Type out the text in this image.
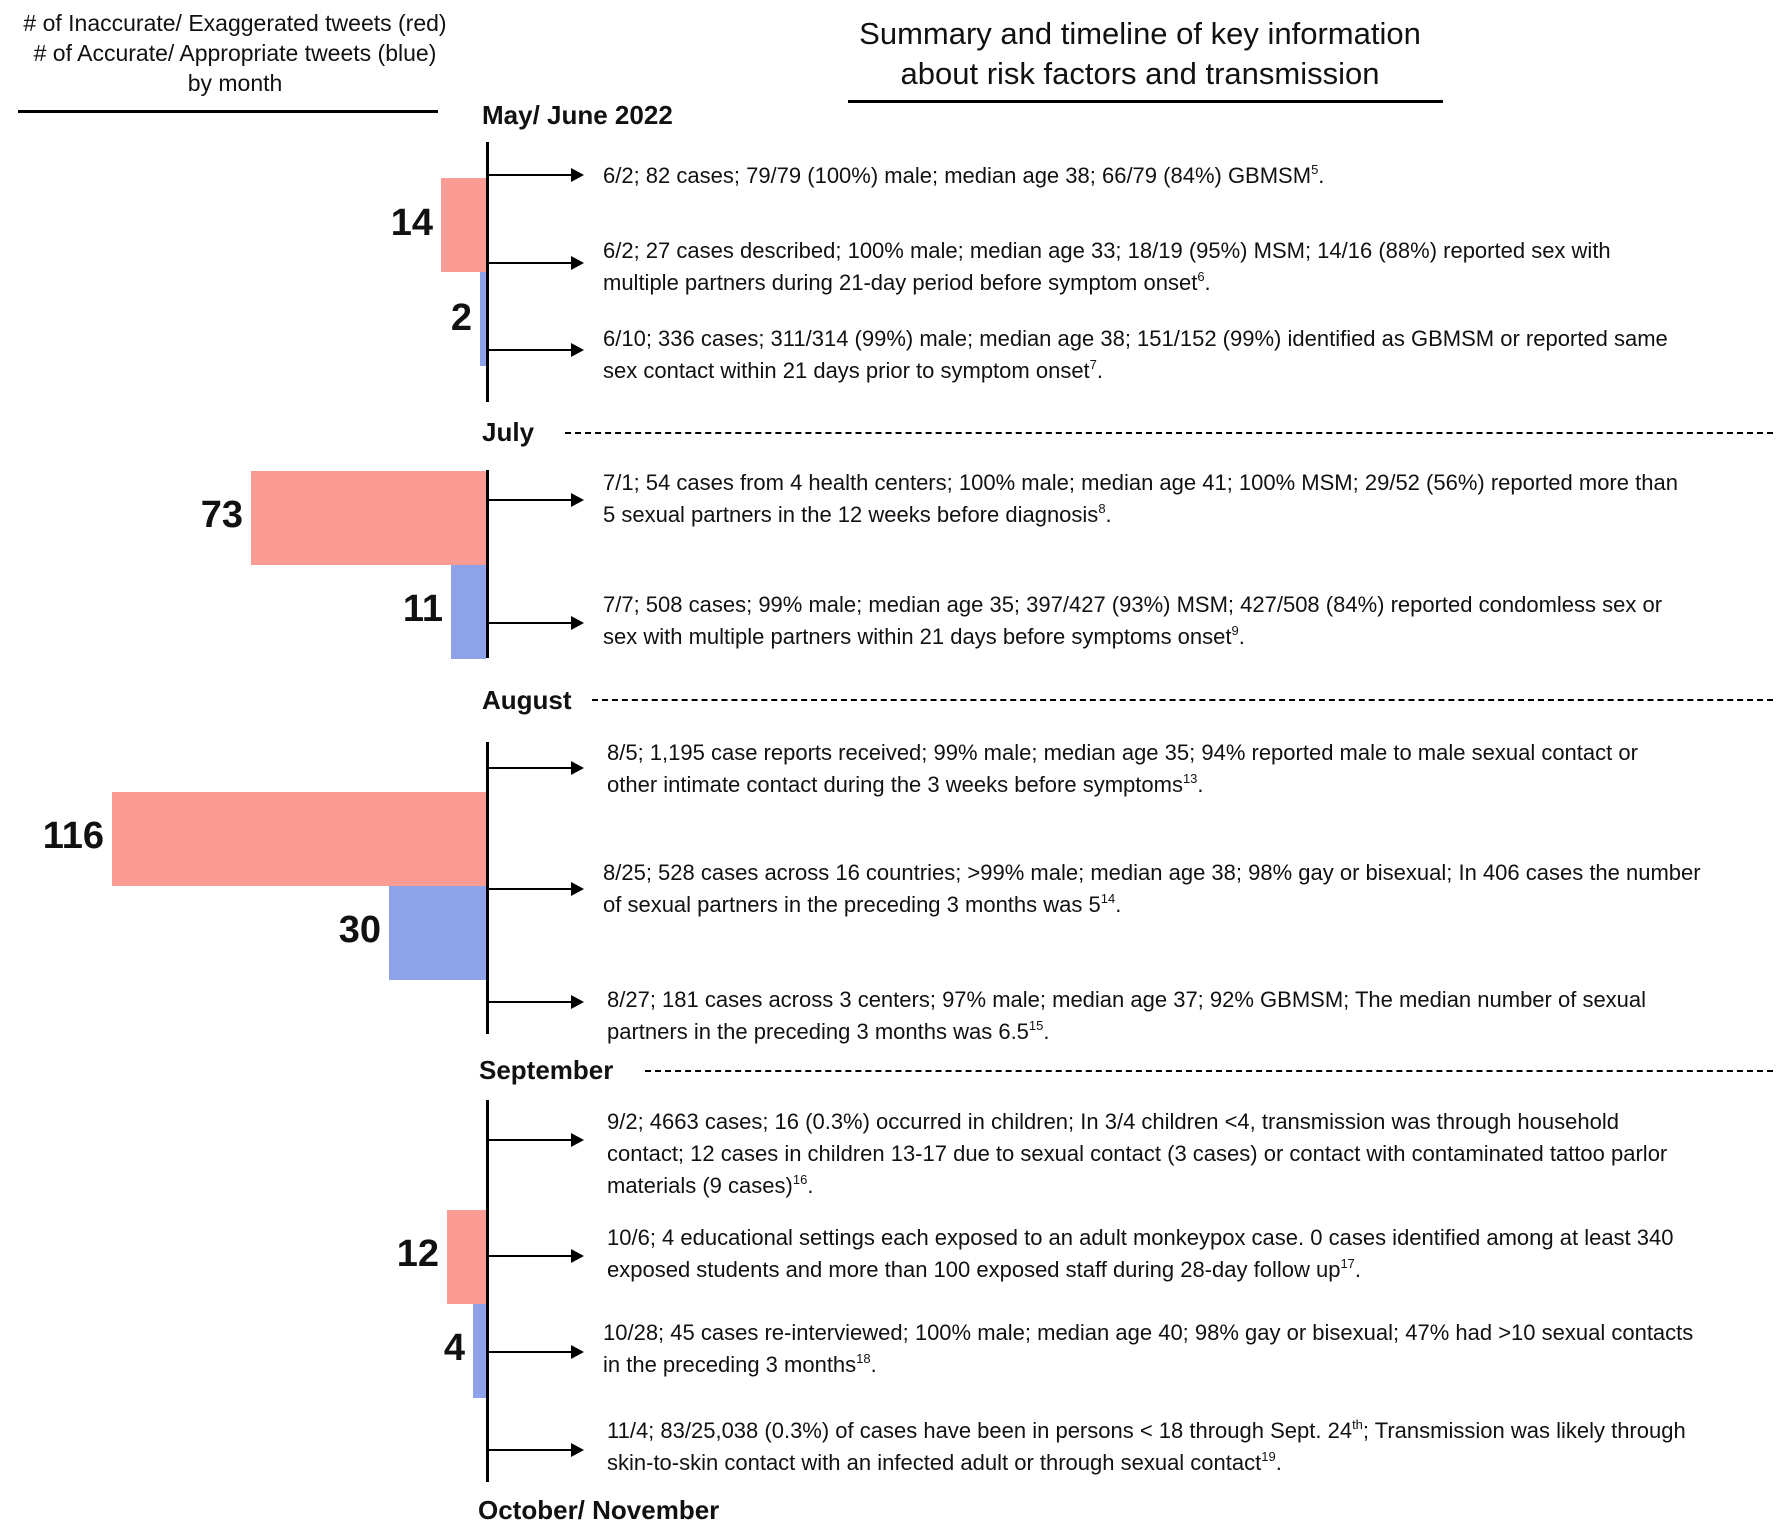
# of Inaccurate/ Exaggerated tweets (red)
# of Accurate/ Appropriate tweets (blue)
by month
Summary and timeline of key information
about risk factors and transmission
May/ June 2022
July
August
September
October/ November
14
2
73
11
116
30
12
4
6/2; 82 cases; 79/79 (100%) male; median age 38; 66/79 (84%) GBMSM$^5$.
6/2; 27 cases described; 100% male; median age 33; 18/19 (95%) MSM; 14/16 (88%) reported sex with
multiple partners during 21-day period before symptom onset$^6$.
6/10; 336 cases; 311/314 (99%) male; median age 38; 151/152 (99%) identified as GBMSM or reported same
sex contact within 21 days prior to symptom onset$^7$.
7/1; 54 cases from 4 health centers; 100% male; median age 41; 100% MSM; 29/52 (56%) reported more than
5 sexual partners in the 12 weeks before diagnosis$^8$.
7/7; 508 cases; 99% male; median age 35; 397/427 (93%) MSM; 427/508 (84%) reported condomless sex or
sex with multiple partners within 21 days before symptoms onset$^9$.
8/5; 1,195 case reports received; 99% male; median age 35; 94% reported male to male sexual contact or
other intimate contact during the 3 weeks before symptoms$^{13}$.
8/25; 528 cases across 16 countries; >99% male; median age 38; 98% gay or bisexual; In 406 cases the number
of sexual partners in the preceding 3 months was $5^{14}$.
8/27; 181 cases across 3 centers; 97% male; median age 37; 92% GBMSM; The median number of sexual
partners in the preceding 3 months was $6.5^{15}$.
9/2; 4663 cases; 16 (0.3%) occurred in children; In 3/4 children <4, transmission was through household
contact; 12 cases in children 13-17 due to sexual contact (3 cases) or contact with contaminated tattoo parlor
materials (9 cases)$^{16}$.
10/6; 4 educational settings each exposed to an adult monkeypox case. 0 cases identified among at least 340
exposed students and more than 100 exposed staff during 28-day follow $up^{17}$.
10/28; 45 cases re-interviewed; 100% male; median age 40; 98% gay or bisexual; 47% had >10 sexual contacts
in the preceding 3 months$^{18}$.
11/4; 83/25,038 (0.3%) of cases have been in persons < 18 through Sept. 24th; Transmission was likely through
skin-to-skin contact with an infected adult or through sexual contact$^{19}$.
